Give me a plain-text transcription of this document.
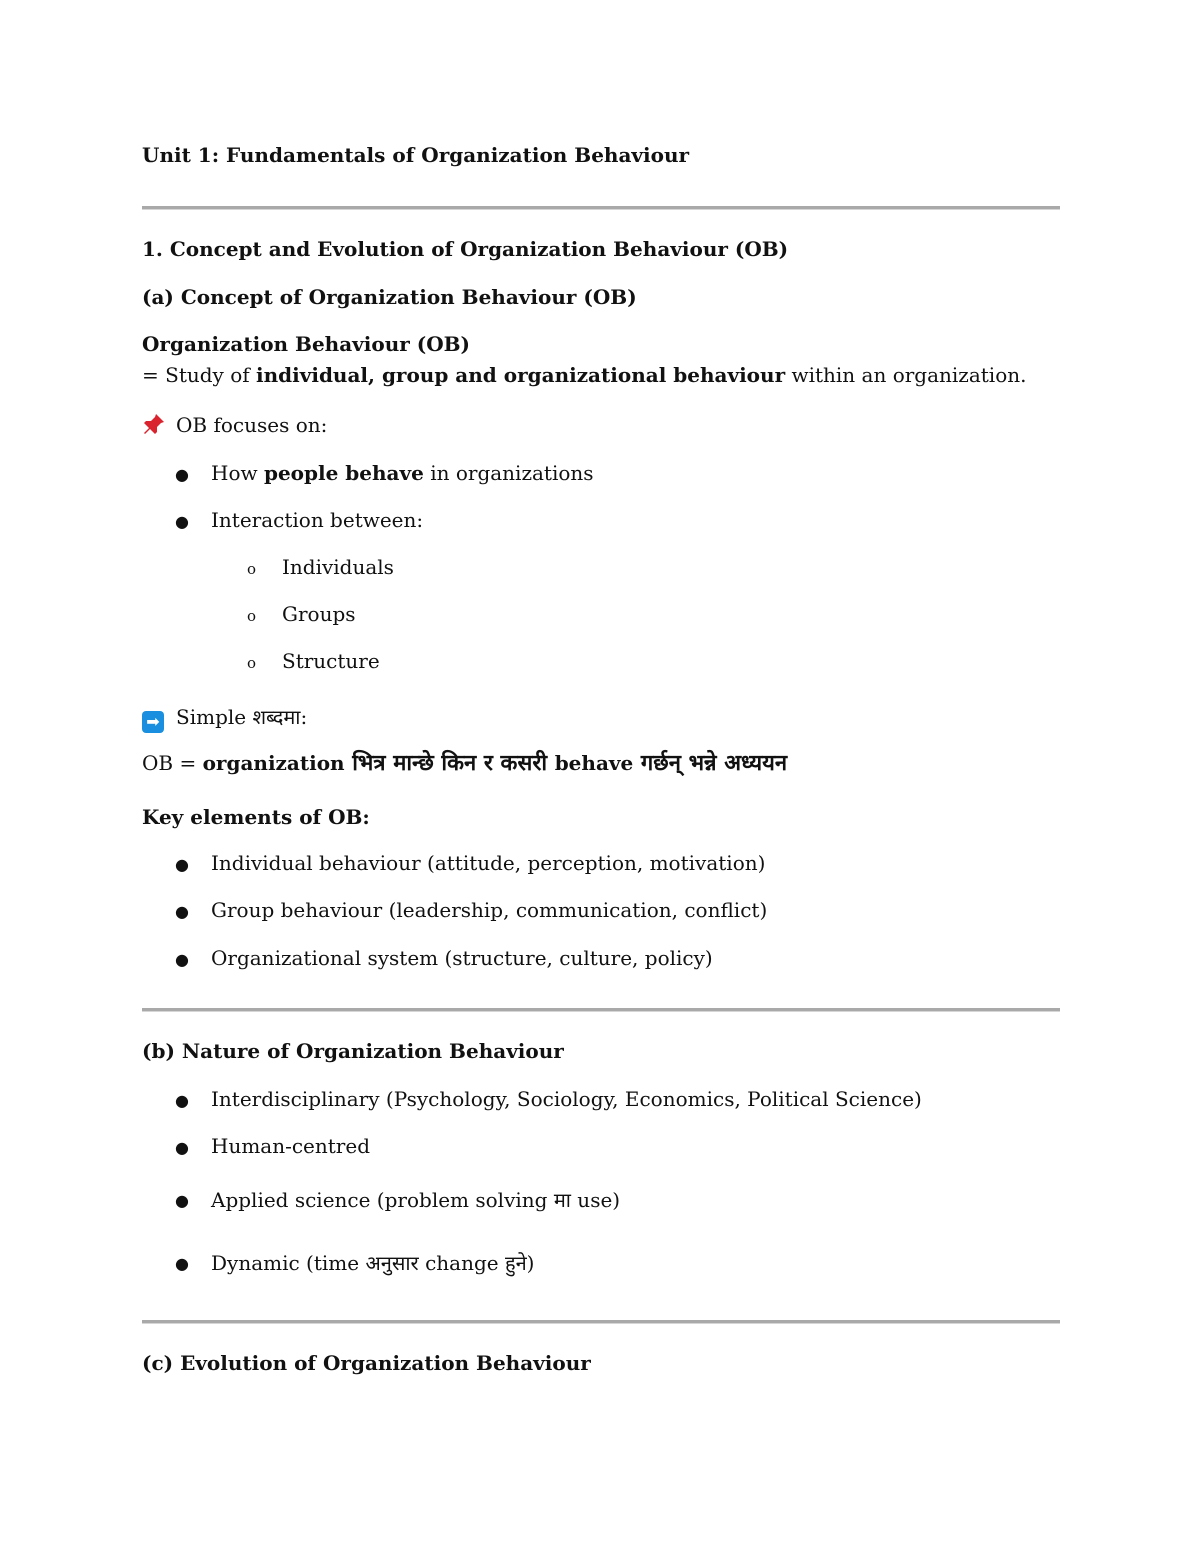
Unit 1: Fundamentals of Organization Behaviour
1. Concept and Evolution of Organization Behaviour (OB)
(a) Concept of Organization Behaviour (OB)
Organization Behaviour (OB)
= Study of individual, group and organizational behaviour within an organization.
OB focuses on:
● How people behave in organizations
● Interaction between:
o Individuals
o Groups
o Structure
➡ Simple शब्दमा:
OB = organization भित्र मान्छे किन र कसरी behave गर्छन् भन्ने अध्ययन
Key elements of OB:
● Individual behaviour (attitude, perception, motivation)
● Group behaviour (leadership, communication, conflict)
● Organizational system (structure, culture, policy)
(b) Nature of Organization Behaviour
● Interdisciplinary (Psychology, Sociology, Economics, Political Science)
● Human-centred
● Applied science (problem solving मा use)
● Dynamic (time अनुसार change हुने)
(c) Evolution of Organization Behaviour
